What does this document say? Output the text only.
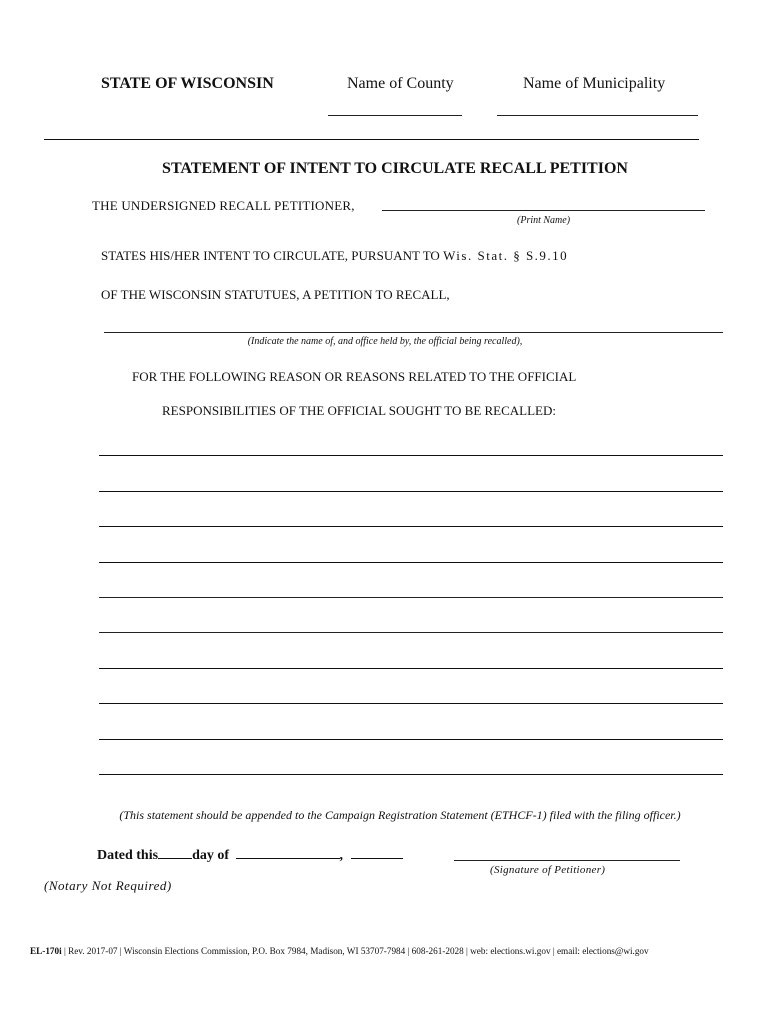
STATE OF WISCONSIN	Name of County	Name of Municipality
STATEMENT OF INTENT TO CIRCULATE RECALL PETITION
THE UNDERSIGNED RECALL PETITIONER,
(Print Name)
STATES HIS/HER INTENT TO CIRCULATE, PURSUANT TO Wis. Stat. § S.9.10
OF THE WISCONSIN STATUTUES, A PETITION TO RECALL,
(Indicate the name of, and office held by, the official being recalled),
FOR THE FOLLOWING REASON OR REASONS RELATED TO THE OFFICIAL
RESPONSIBILITIES OF THE OFFICIAL SOUGHT TO BE RECALLED:
(This statement should be appended to the Campaign Registration Statement (ETHCF-1) filed with the filing officer.)
Dated this day of	,
(Signature of Petitioner)
(Notary Not Required)
EL-170i | Rev. 2017-07 | Wisconsin Elections Commission, P.O. Box 7984, Madison, WI 53707-7984 | 608-261-2028 | web: elections.wi.gov | email: elections@wi.gov
